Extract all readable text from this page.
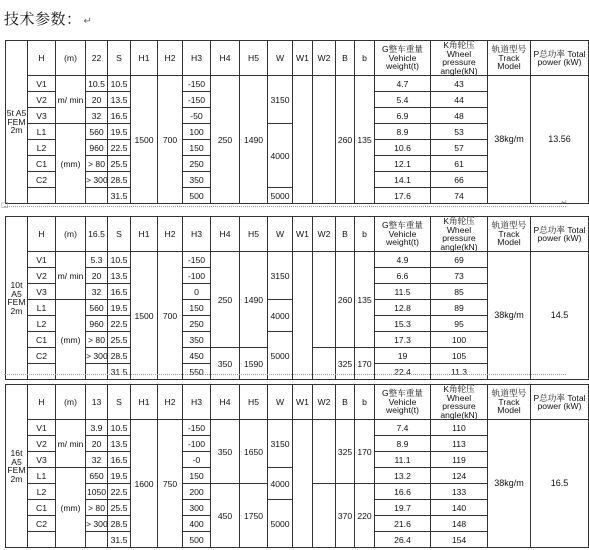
技术参数： ↵
5t A5 FEM 2m	H	(m)	22	S	H1	H2	H3	H4	H5	W	W1	W2	B	b	G整车重量 Vehicle weight(t)	K角轮压 Wheel pressure angle(kN)	轨道型号 Track Model	P总功率 Total power (kW)
	V1	m/ min	10.5	10.5	1500	700	-150	250	1490	3150			260	135	4.7	43	38kg/m	13.56
	V2		20	13.5			-150								5.4	44		
	V3		32	16.5			-50								6.9	48		
	L1	(mm)	560	19.5			100			4000					8.9	53		
	L2		960	22.5			150								10.6	57		
	C1		> 80	25.5			250								12.1	61		
	C2		> 300	28.5			350								14.1	66		
				31.5			500			5000					17.6	74		
10t A5 FEM 2m	H	(m)	16.5	S	H1	H2	H3	H4	H5	W	W1	W2	B	b	G整车重量 Vehicle weight(t)	K角轮压 Wheel pressure angle(kN)	轨道型号 Track Model	P总功率 Total power (kW)
	V1	m/ min	5.3	10.5	1500	700	-150	250	1490	3150			260	135	4.9	69	38kg/m	14.5
	V2		20	13.5			-100								6.6	73		
	V3		32	16.5			0								11.5	85		
	L1	(mm)	560	19.5			150			4000					12.8	89		
	L2		960	22.5			250								15.3	95		
	C1		> 80	25.5			350			5000					17.3	100		
	C2		> 300	28.5			450	350	1590				325	170	19	105		
				31.5			550								22.4	11.3		
16t A5 FEM 2m	H	(m)	13	S	H1	H2	H3	H4	H5	W	W1	W2	B	b	G整车重量 Vehicle weight(t)	K角轮压 Wheel pressure angle(kN)	轨道型号 Track Model	P总功率 Total power (kW)
	V1	m/ min	3.9	10.5	1600	750	-150	350	1650	3150			325	170	7.4	110	38kg/m	16.5
	V2		20	13.5			-100								8.9	113		
	V3		32	16.5			-0								11.1	119		
	L1	(mm)	650	19.5			150			4000					13.2	124		
	L2		1050	22.5			200	450	1750				370	220	16.6	133		
	C1		> 80	25.5			300			5000					19.7	140		
	C2		> 300	28.5			400								21.6	148		
				31.5			500								26.4	154		
□	↵
